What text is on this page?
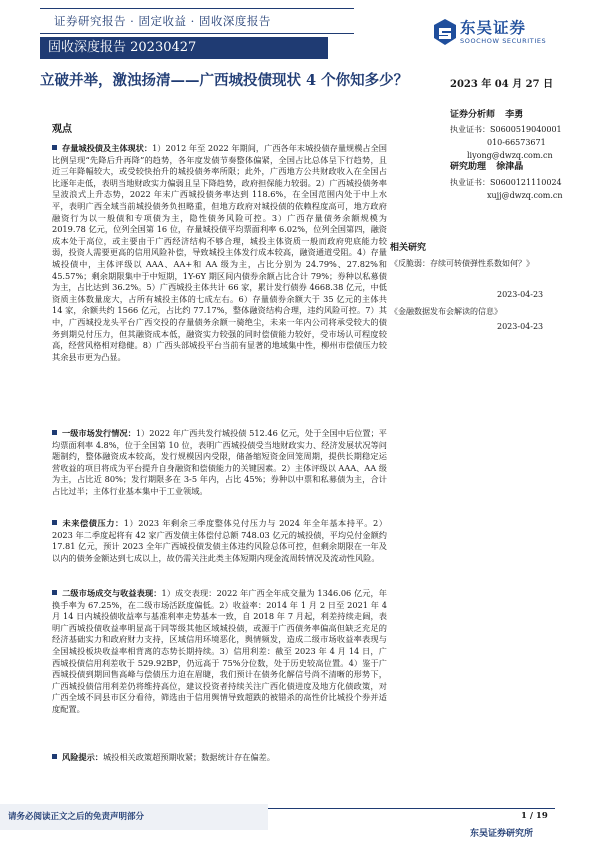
证券研究报告 · 固定收益 · 固收深度报告	东吴证券
SOOCHOW SECURITIES
固收深度报告 20230427
立破并举，激浊扬清——广西城投债现状 4 个你知多少？	2023 年 04 月 27 日
观点
证券分析师 李勇
执业证书：S0600519040001
010-66573671
liyong@dwzq.com.cn
研究助理 徐津晶
执业证书：S0600121110024
xujj@dwzq.com.cn
相关研究
《反脆弱：存续可转债弹性系数如何？》
2023-04-23
《金融数据发布会解读的信息》
2023-04-23
存量城投债及主体现状：1）2012 年至 2022 年期间，广西各年末城投债存量规模占全国比例呈现“先降后升再降”的趋势，各年度发债节奏整体偏紧，全国占比总体呈下行趋势，且近三年降幅较大，或受较快抬升的城投债务率所限；此外，广西地方公共财政收入在全国占比逐年走低，表明当地财政实力偏弱且呈下降趋势，政府担保能力较弱。2）广西城投债务率呈波浪式上升态势，2022 年末广西城投债务率达到 118.6%，在全国范围内处于中上水平，表明广西全域当前城投债务负担略重，但地方政府对城投债的依赖程度高可，地方政府融资行为以一般债和专项债为主，隐性债务风险可控。3）广西存量债务余额规模为 2019.78 亿元，位列全国第 16 位，存量城投债平均票面利率 6.02%，位列全国第四，融资成本处于高位，或主要由于广西经济结构不够合理，城投主体资质一般而政府兜底能力较弱，投资人需要更高的信用风险补偿，导致城投主体发行成本较高，融资通道受阻。4）存量城投债中，主体评级以 AAA、AA+和 AA 级为主，占比分别为 24.79%、27.82%和 45.57%；剩余期限集中于中短期，1Y-6Y 期区间内债券余额占比合计 79%；券种以私募债为主，占比达到 36.2%。5）广西城投主体共计 66 家，累计发行债券 4668.38 亿元，中低资质主体数量庞大，占所有城投主体的七成左右。6）存量债券余额大于 35 亿元的主体共 14 家，余额共约 1566 亿元，占比约 77.17%，整体融资结构合理，违约风险可控。7）其中，广西城投龙头平台广西交投的存量债务余额一骑绝尘，未来一年内公司将承受较大的债务到期兑付压力，但其融资成本低，融资实力较强的同时偿债能力较好，受市场认可程度较高，经营风格相对稳健。8）广西头部城投平台当前有显著的地域集中性，柳州市偿债压力较其余县市更为凸显。
一级市场发行情况：1）2022 年广西共发行城投债 512.46 亿元，处于全国中后位置；平均票面利率 4.8%，位于全国第 10 位，表明广西城投债受当地财政实力、经济发展状况等问题制约，整体融资成本较高，发行规模因内受限，储备缩短资金回笼周期，提供长期稳定运营收益的项目将成为平台提升自身融资和偿债能力的关键因素。2）主体评级以 AAA、AA 级为主，占比近 80%；发行期限多在 3-5 年内，占比 45%；券种以中票和私募债为主，合计占比过半；主体行业基本集中于工业领域。
未来偿债压力：1）2023 年剩余三季度整体兑付压力与 2024 年全年基本持平。2）2023 年二季度起将有 42 家广西发债主体偿付总额 748.03 亿元的城投债，平均兑付金额约 17.81 亿元，预计 2023 全年广西城投债发债主体违约风险总体可控，但剩余期限在一年及以内的债务金额达到七成以上，故仍需关注此类主体短期内现金流周转情况及流动性风险。
二级市场成交与收益表现：1）成交表现：2022 年广西全年成交量为 1346.06 亿元，年换手率为 67.25%，在二级市场活跃度偏低。2）收益率：2014 年 1 月 2 日至 2021 年 4 月 14 日内城投债收益率与基准利率走势基本一致，自 2018 年 7 月起，利差持续走阔，表明广西城投债收益率明显高于同等级其他区域城投债，或源于广西债务率偏高但缺乏充足的经济基础实力和政府财力支持，区域信用环境恶化，舆情频发，造成二级市场收益率表现与全国城投板块收益率相背离的态势长期持续。3）信用利差：截至 2023 年 4 月 14 日，广西城投债信用利差收于 529.92BP，仍远高于 75%分位数，处于历史较高位置。4）鉴于广西城投债到期回售高峰与偿债压力迫在眉睫，我们预计在债务化解信号尚不清晰的形势下，广西城投债信用利差仍将维持高位，建议投资者持续关注广西化债进度及地方化债政策，对广西全域不同县市区分看待，筛选由于信用舆情导致超跌的被错杀的高性价比城投个券并适度配置。
风险提示：城投相关政策超预期收紧；数据统计存在偏差。
1 / 19
请务必阅读正文之后的免责声明部分
东吴证券研究所
